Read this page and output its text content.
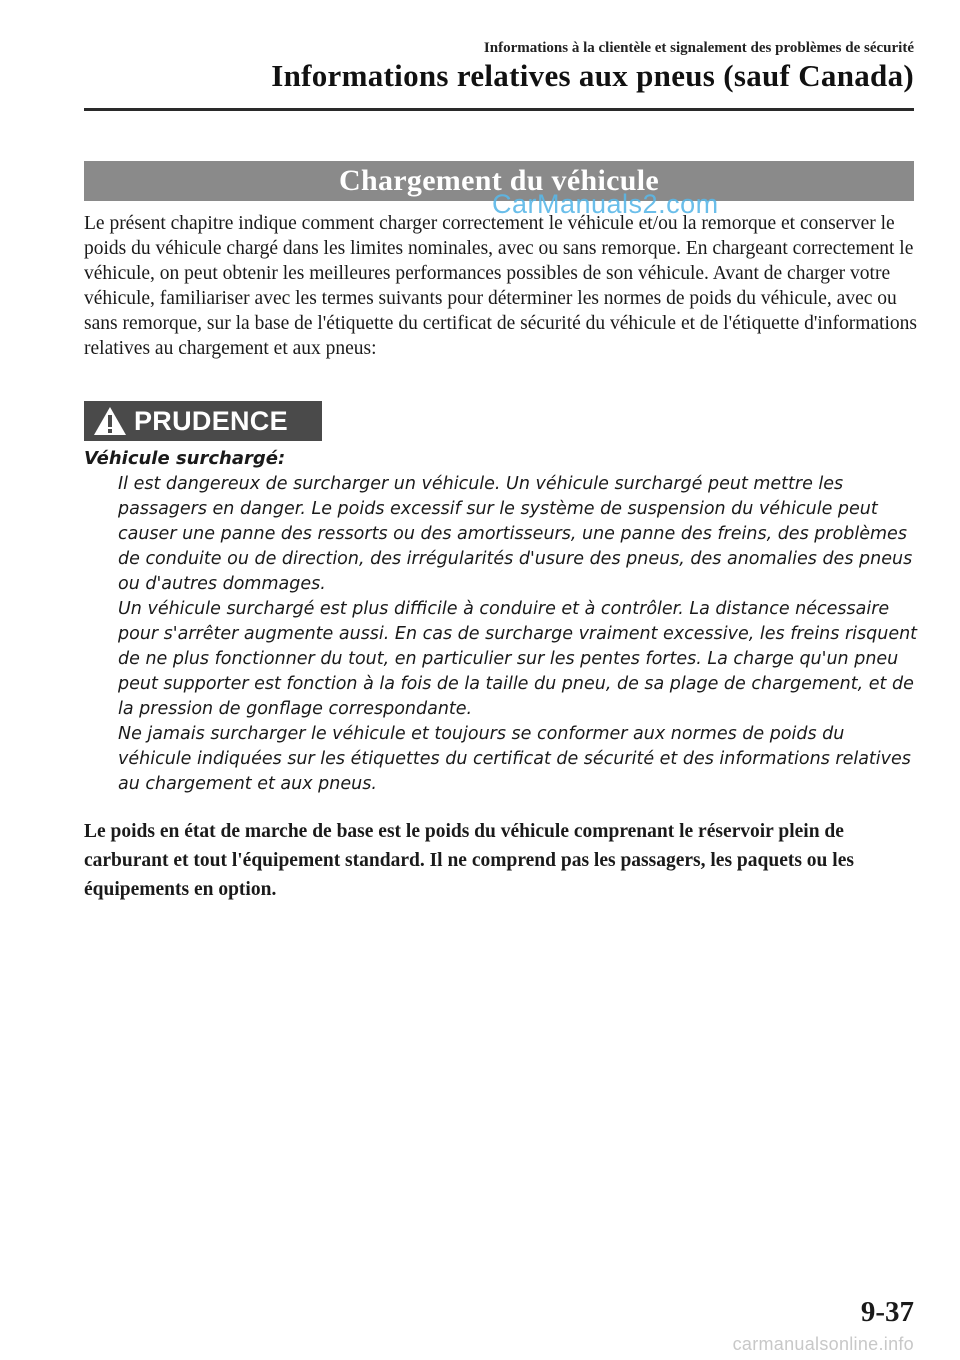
Informations à la clientèle et signalement des problèmes de sécurité
Informations relatives aux pneus (sauf Canada)
Chargement du véhicule
CarManuals2.com

Le présent chapitre indique comment charger correctement le véhicule et/ou la remorque et conserver le poids du véhicule chargé dans les limites nominales, avec ou sans remorque. En chargeant correctement le véhicule, on peut obtenir les meilleures performances possibles de son véhicule. Avant de charger votre véhicule, familiariser avec les termes suivants pour déterminer les normes de poids du véhicule, avec ou sans remorque, sur la base de l'étiquette du certificat de sécurité du véhicule et de l'étiquette d'informations relatives au chargement et aux pneus:

PRUDENCE
Véhicule surchargé:

Il est dangereux de surcharger un véhicule. Un véhicule surchargé peut mettre les passagers en danger. Le poids excessif sur le système de suspension du véhicule peut causer une panne des ressorts ou des amortisseurs, une panne des freins, des problèmes de conduite ou de direction, des irrégularités d'usure des pneus, des anomalies des pneus ou d'autres dommages.

Un véhicule surchargé est plus difficile à conduire et à contrôler. La distance nécessaire pour s'arrêter augmente aussi. En cas de surcharge vraiment excessive, les freins risquent de ne plus fonctionner du tout, en particulier sur les pentes fortes. La charge qu'un pneu peut supporter est fonction à la fois de la taille du pneu, de sa plage de chargement, et de la pression de gonflage correspondante.

Ne jamais surcharger le véhicule et toujours se conformer aux normes de poids du véhicule indiquées sur les étiquettes du certificat de sécurité et des informations relatives au chargement et aux pneus.

Le poids en état de marche de base est le poids du véhicule comprenant le réservoir plein de carburant et tout l'équipement standard. Il ne comprend pas les passagers, les paquets ou les équipements en option.

9-37
carmanualsonline.info
